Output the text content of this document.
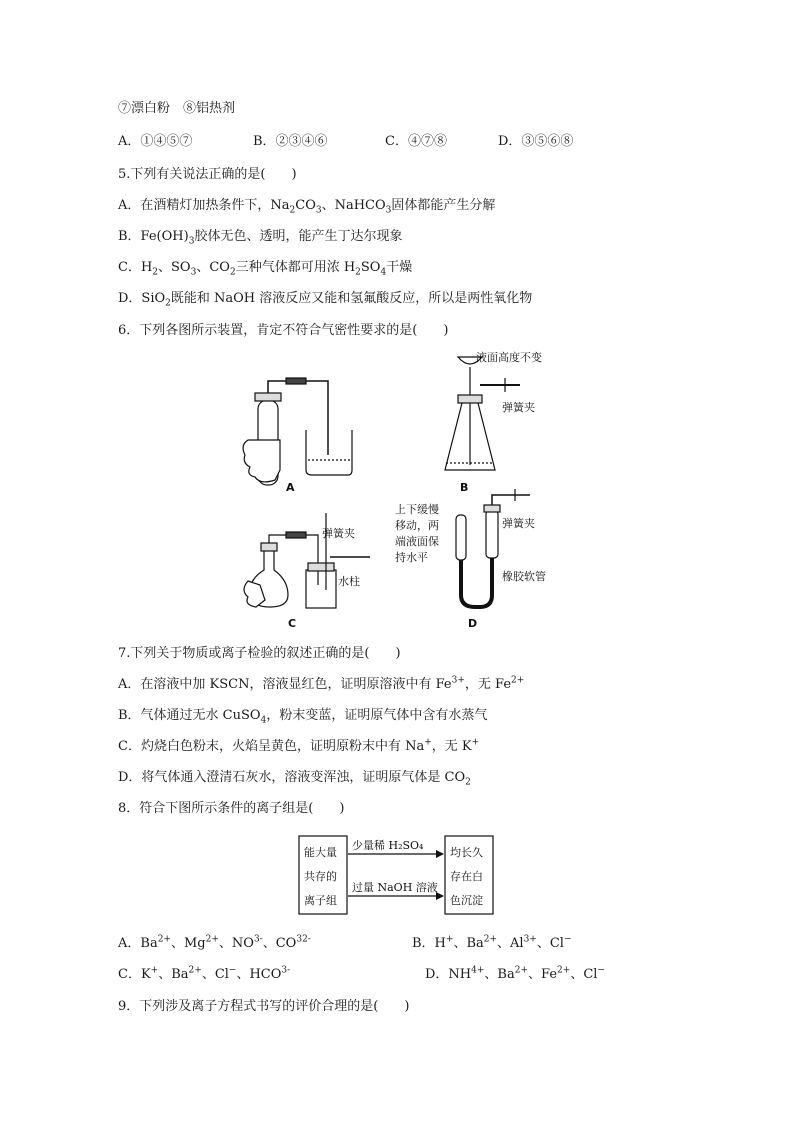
⑦漂白粉　⑧铝热剂
A．①④⑤⑦	B．②③④⑥	C．④⑦⑧	D．③⑤⑥⑧
5.下列有关说法正确的是(　　)
A．在酒精灯加热条件下，$Na_2CO_3$、NaHCO$_3$固体都能产生分解
B．$Fe(OH)_3$胶体无色、透明，能产生丁达尔现象
C．$H_2$、$SO_3$、$CO_2$三种气体都可用浓 $H_2SO_4$干燥
D．SiO$_2$既能和 NaOH 溶液反应又能和氢氟酸反应，所以是两性氧化物
6．下列各图所示装置，肯定不符合气密性要求的是(　　)
A
液面高度不变
弹簧夹
B
弹簧夹
水柱
C
上下缓慢
移动，两
端液面保
持水平
弹簧夹
橡胶软管
D
7.下列关于物质或离子检验的叙述正确的是(　　)
A．在溶液中加 KSCN，溶液显红色，证明原溶液中有 $Fe^{3+}$，无 $Fe^{2+}$
B．气体通过无水 CuSO$_4$，粉末变蓝，证明原气体中含有水蒸气
C．灼烧白色粉末，火焰呈黄色，证明原粉末中有 Na+，无 K+
D．将气体通入澄清石灰水，溶液变浑浊，证明原气体是 $CO_2$
8．符合下图所示条件的离子组是(　　)
能大量
共存的
离子组
均长久
存在白
色沉淀
少量稀 H₂SO₄
过量 NaOH 溶液
A．$Ba^{2+}$、$Mg^{2+}$、$NO^{3-}$、$CO^{32-}$	B．H+、$Ba^{2+}$、$Al^{3+}$、Cl−
C．K+、$Ba^{2+}$、Cl−、$HCO^{3-}$	D．$NH^{4+}$、$Ba^{2+}$、$Fe^{2+}$、Cl−
9．下列涉及离子方程式书写的评价合理的是(　　)
